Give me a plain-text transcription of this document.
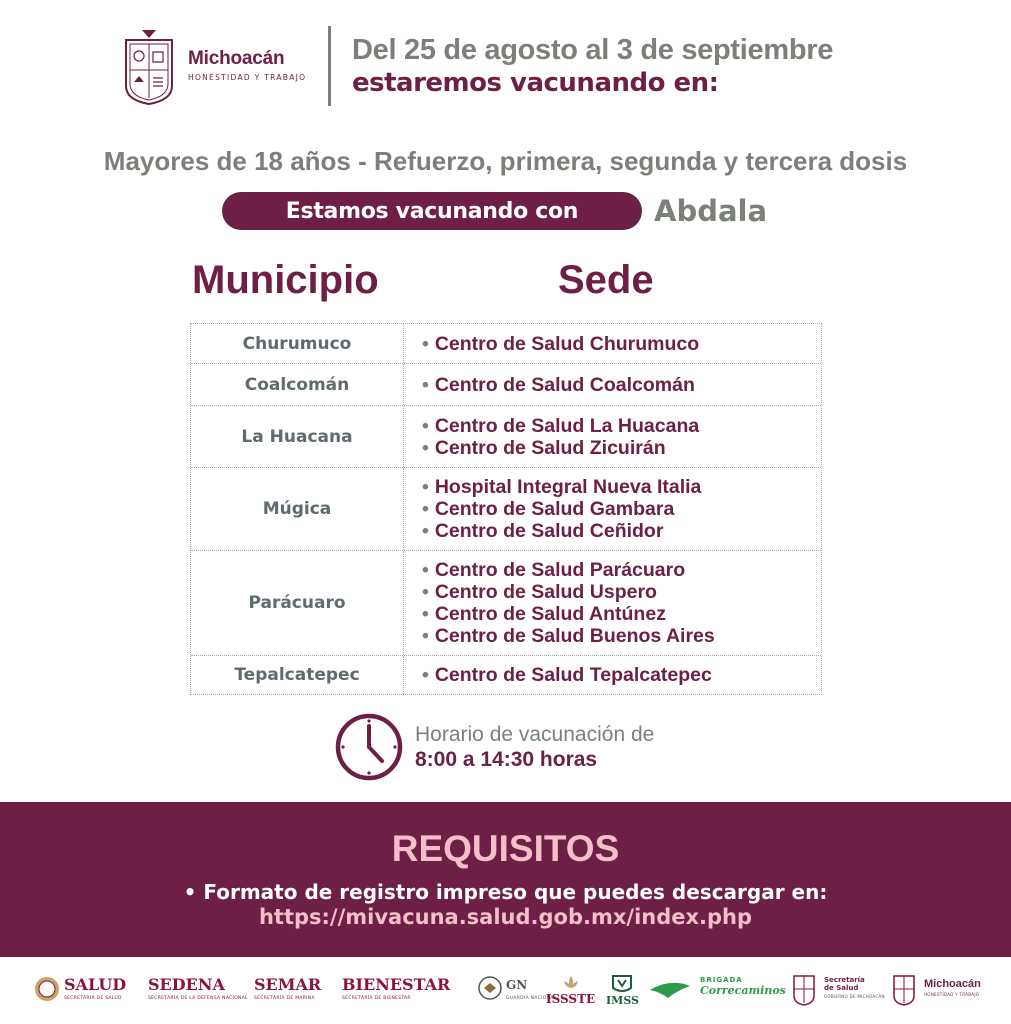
Michoacán
HONESTIDAD Y TRABAJO
Del 25 de agosto al 3 de septiembre
estaremos vacunando en:
Mayores de 18 años - Refuerzo, primera, segunda y tercera dosis
Estamos vacunando con	Abdala
Municipio	Sede
Churumuco	• Centro de Salud Churumuco
Coalcomán	• Centro de Salud Coalcomán
La Huacana	• Centro de Salud La Huacana
• Centro de Salud Zicuirán
Múgica
• Hospital Integral Nueva Italia
• Centro de Salud Gambara
• Centro de Salud Ceñidor
Parácuaro
• Centro de Salud Parácuaro
• Centro de Salud Uspero
• Centro de Salud Antúnez
• Centro de Salud Buenos Aires
Tepalcatepec	• Centro de Salud Tepalcatepec
Horario de vacunación de
8:00 a 14:30 horas
REQUISITOS
• Formato de registro impreso que puedes descargar en:
https://mivacuna.salud.gob.mx/index.php
SALUD
SECRETARÍA DE SALUD
SEDENA
SECRETARÍA DE LA DEFENSA NACIONAL
SEMAR
SECRETARÍA DE MARINA
BIENESTAR
SECRETARÍA DE BIENESTAR
GN
GUARDIA NACIONAL
ISSSTE IMSS
BRIGADA
Correcaminos
Secretaría
de Salud
GOBIERNO DE MICHOACÁN
Michoacán
HONESTIDAD Y TRABAJO
